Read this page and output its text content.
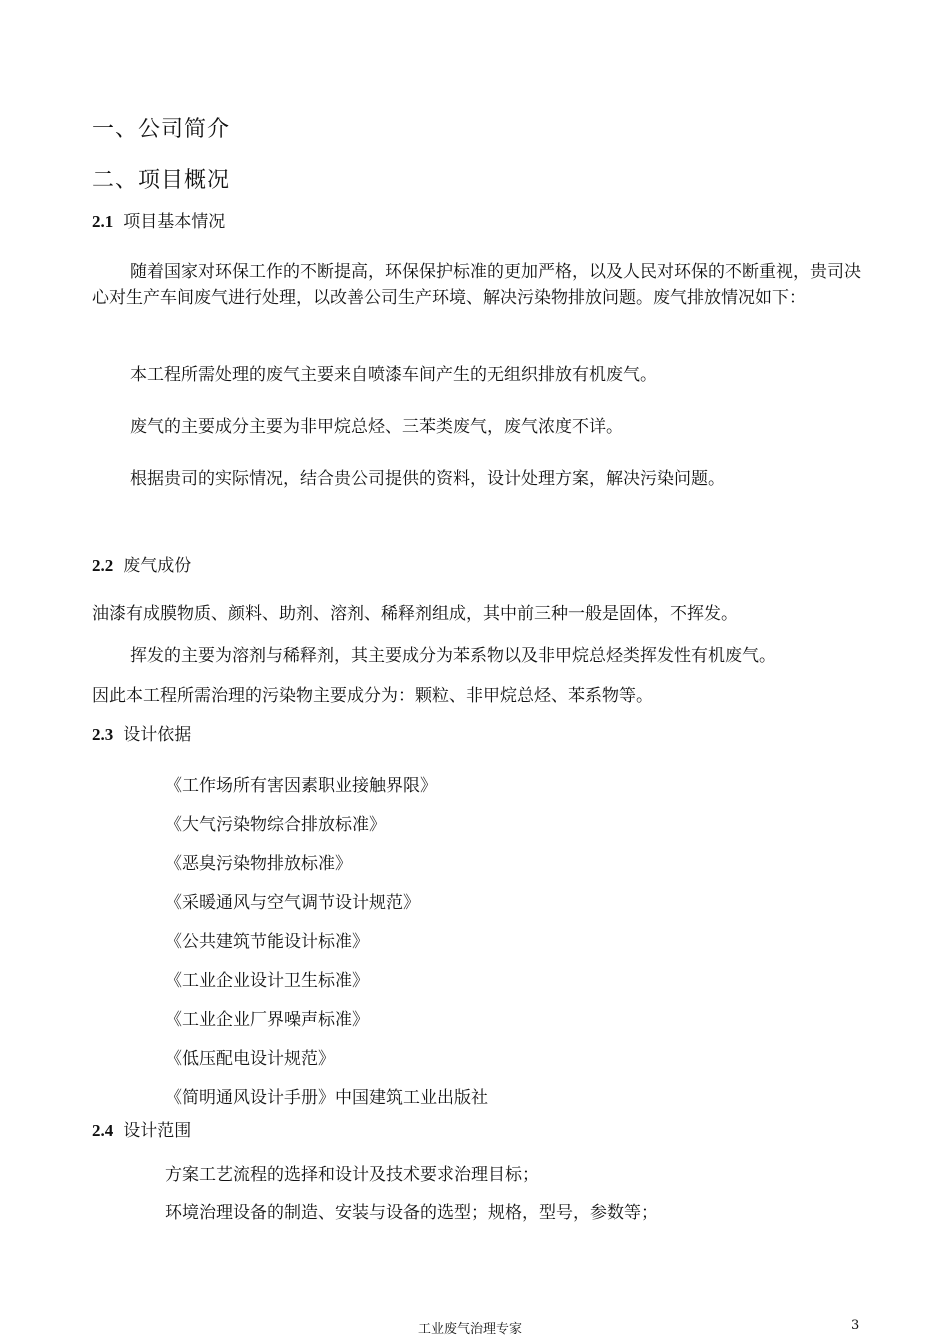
一、公司简介
二、项目概况
2.1 项目基本情况
随着国家对环保工作的不断提高，环保保护标准的更加严格，以及人民对环保的不断重视，贵司决心对生产车间废气进行处理，以改善公司生产环境、解决污染物排放问题。废气排放情况如下：
本工程所需处理的废气主要来自喷漆车间产生的无组织排放有机废气。
废气的主要成分主要为非甲烷总烃、三苯类废气，废气浓度不详。
根据贵司的实际情况，结合贵公司提供的资料，设计处理方案，解决污染问题。
2.2 废气成份
油漆有成膜物质、颜料、助剂、溶剂、稀释剂组成，其中前三种一般是固体，不挥发。
挥发的主要为溶剂与稀释剂，其主要成分为苯系物以及非甲烷总烃类挥发性有机废气。
因此本工程所需治理的污染物主要成分为：颗粒、非甲烷总烃、苯系物等。
2.3 设计依据
《工作场所有害因素职业接触界限》
《大气污染物综合排放标准》
《恶臭污染物排放标准》
《采暖通风与空气调节设计规范》
《公共建筑节能设计标准》
《工业企业设计卫生标准》
《工业企业厂界噪声标准》
《低压配电设计规范》
《简明通风设计手册》中国建筑工业出版社
2.4 设计范围
方案工艺流程的选择和设计及技术要求治理目标；
环境治理设备的制造、安装与设备的选型；规格，型号，参数等；
工业废气治理专家	3
